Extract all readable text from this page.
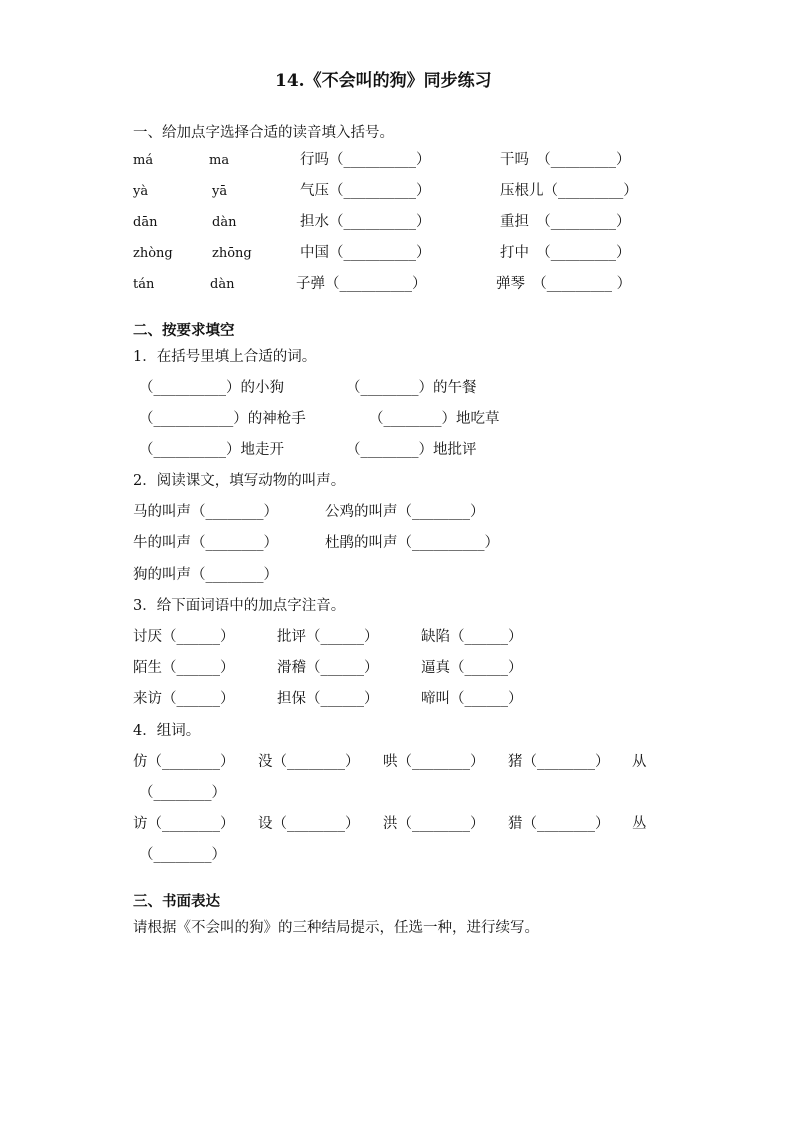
14.《不会叫的狗》同步练习
一、给加点字选择合适的读音填入括号。
má	ma	行吗（__________）	干吗　（_________）
yà	yā	气压（__________）	压根儿（_________）
dān	dàn	担水（__________）	重担　（_________）
zhòng	zhōng	中国（__________）	打中　（_________）
tán	dàn	子弹（__________）	弹琴　（_________ ）
二、按要求填空
1．在括号里填上合适的词。
（__________）的小狗	（________）的午餐
（___________）的神枪手	（________）地吃草
（__________）地走开	（________）地批评
2．阅读课文，填写动物的叫声。
马的叫声（________）	公鸡的叫声（________）
牛的叫声（________）	杜鹃的叫声（__________）
狗的叫声（________）
3．给下面词语中的加点字注音。
讨厌（______）	批评（______）	缺陷（______）
陌生（______）	滑稽（______）	逼真（______）
来访（______）	担保（______）	啼叫（______）
4．组词。
仿（________） 没（________） 哄（________） 猪（________） 从
（________）
访（________） 设（________） 洪（________） 猎（________） 丛
（________）
三、书面表达
请根据《不会叫的狗》的三种结局提示，任选一种，进行续写。
